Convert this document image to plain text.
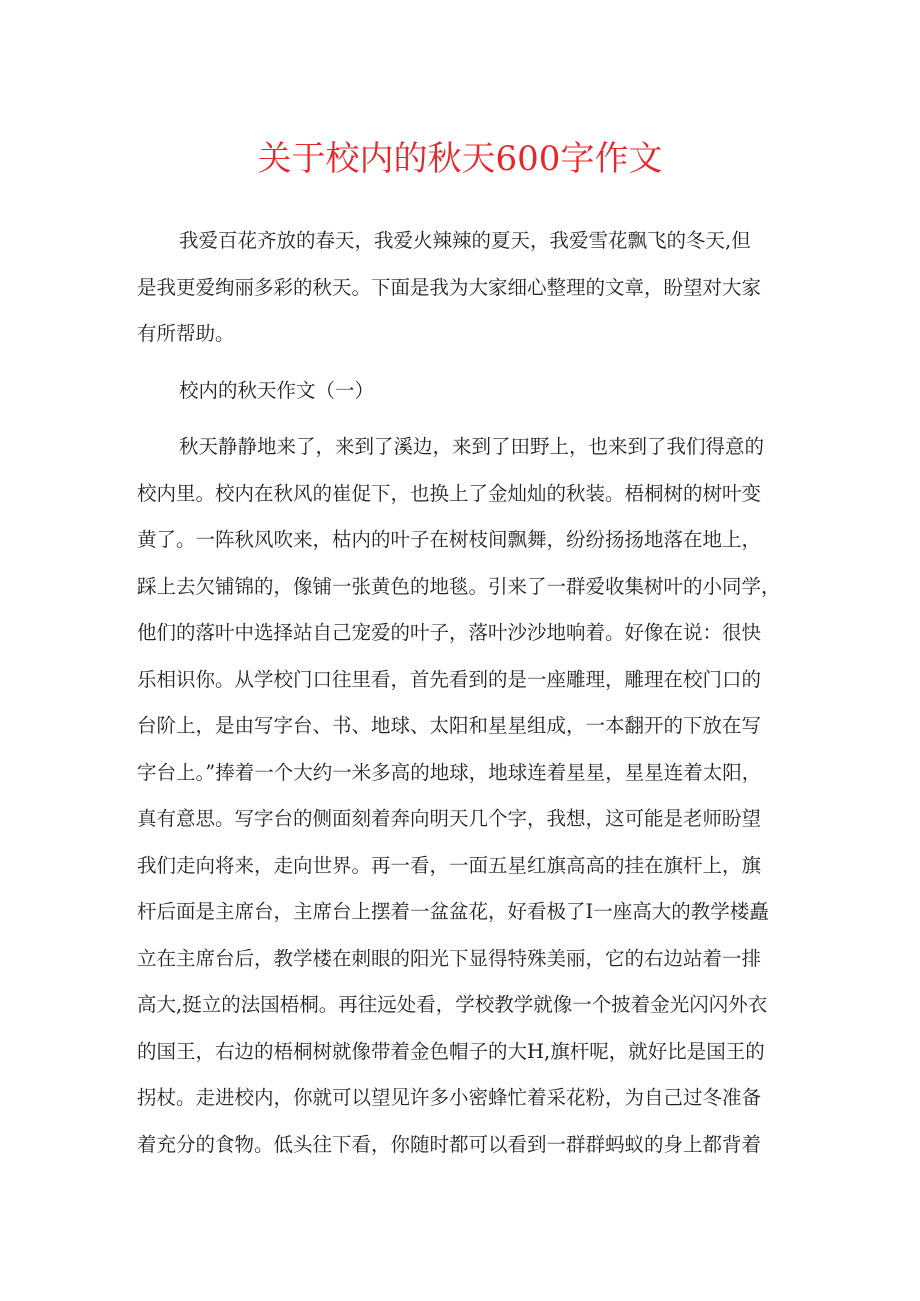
关于校内的秋天600字作文
我爱百花齐放的春天，我爱火辣辣的夏天，我爱雪花飘飞的冬天,但
是我更爱绚丽多彩的秋天。下面是我为大家细心整理的文章，盼望对大家
有所帮助。
校内的秋天作文（一）
秋天静静地来了，来到了溪边，来到了田野上，也来到了我们得意的
校内里。校内在秋风的崔促下，也换上了金灿灿的秋装。梧桐树的树叶变
黄了。一阵秋风吹来，枯内的叶子在树枝间飘舞，纷纷扬扬地落在地上，
踩上去欠铺锦的，像铺一张黄色的地毯。引来了一群爱收集树叶的小同学，
他们的落叶中选择站自己宠爱的叶子，落叶沙沙地响着。好像在说：很快
乐相识你。从学校门口往里看，首先看到的是一座雕理，雕理在校门口的
台阶上，是由写字台、书、地球、太阳和星星组成，一本翻开的下放在写
字台上。”捧着一个大约一米多高的地球，地球连着星星，星星连着太阳，
真有意思。写字台的侧面刻着奔向明天几个字，我想，这可能是老师盼望
我们走向将来，走向世界。再一看，一面五星红旗高高的挂在旗杆上，旗
杆后面是主席台，主席台上摆着一盆盆花，好看极了I一座高大的教学楼矗
立在主席台后，教学楼在刺眼的阳光下显得特殊美丽，它的右边站着一排
高大,挺立的法国梧桐。再往远处看，学校教学就像一个披着金光闪闪外衣
的国王，右边的梧桐树就像带着金色帽子的大H,旗杆呢，就好比是国王的
拐杖。走进校内，你就可以望见许多小密蜂忙着采花粉，为自己过冬准备
着充分的食物。低头往下看，你随时都可以看到一群群蚂蚁的身上都背着
